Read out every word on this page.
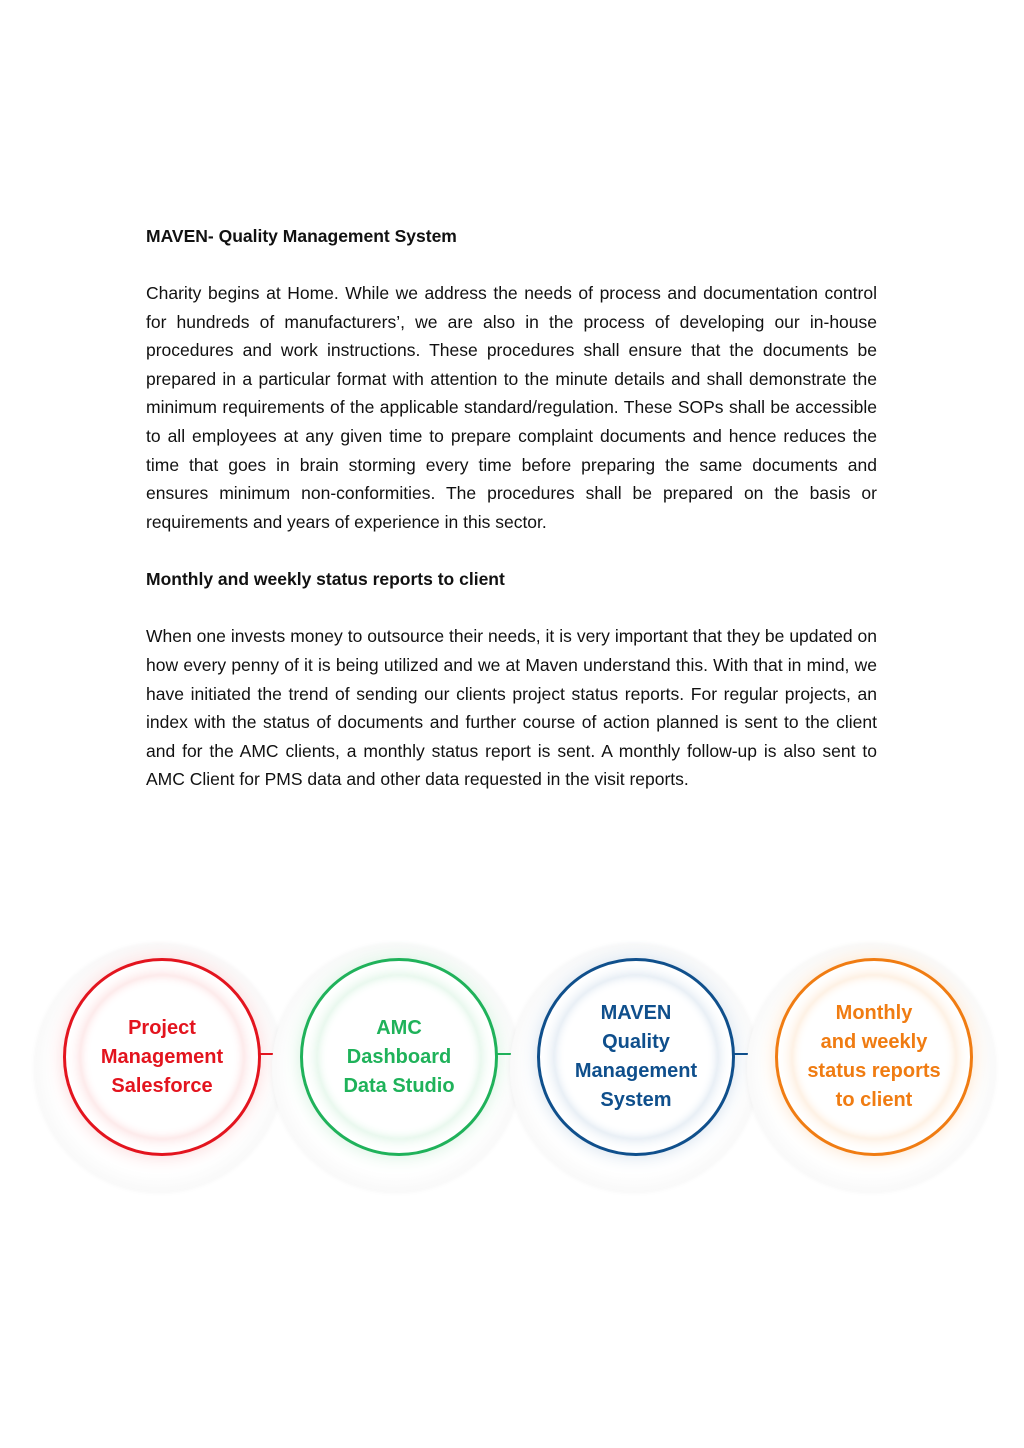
MAVEN- Quality Management System

Charity begins at Home. While we address the needs of process and documentation control for hundreds of manufacturers’, we are also in the process of developing our in-house procedures and work instructions. These procedures shall ensure that the documents be prepared in a particular format with attention to the minute details and shall demonstrate the minimum requirements of the applicable standard/regulation. These SOPs shall be accessible to all employees at any given time to prepare complaint documents and hence reduces the time that goes in brain storming every time before preparing the same documents and ensures minimum non-conformities. The procedures shall be prepared on the basis or requirements and years of experience in this sector.

Monthly and weekly status reports to client

When one invests money to outsource their needs, it is very important that they be updated on how every penny of it is being utilized and we at Maven understand this. With that in mind, we have initiated the trend of sending our clients project status reports. For regular projects, an index with the status of documents and further course of action planned is sent to the client and for the AMC clients, a monthly status report is sent. A monthly follow-up is also sent to AMC Client for PMS data and other data requested in the visit reports.

Project
Management
Salesforce
AMC
Dashboard
Data Studio
MAVEN
Quality
Management
System
Monthly
and weekly
status reports
to client
